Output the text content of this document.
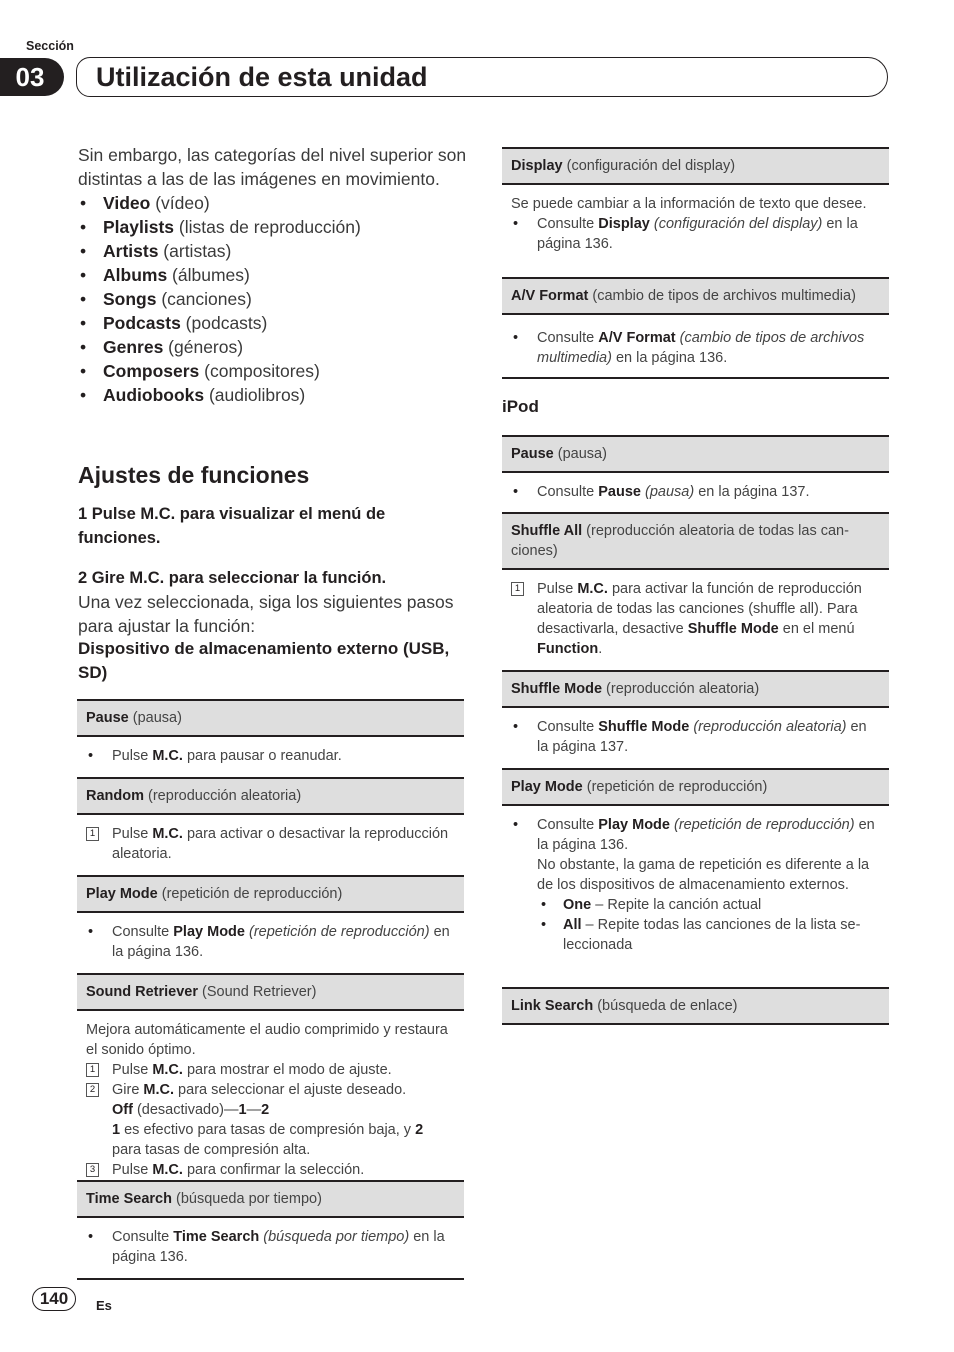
Sección
03	Utilización de esta unidad

Sin embargo, las categorías del nivel superior son distintas a las de las imágenes en movimiento.

• Video (vídeo)
• Playlists (listas de reproducción)
• Artists (artistas)
• Albums (álbumes)
• Songs (canciones)
• Podcasts (podcasts)
• Genres (géneros)
• Composers (compositores)
• Audiobooks (audiolibros)
Ajustes de funciones
1 Pulse M.C. para visualizar el menú de funciones.
2 Gire M.C. para seleccionar la función.
Una vez seleccionada, siga los siguientes pasos para ajustar la función:
Dispositivo de almacenamiento externo (USB, SD)
Pause (pausa)
• Pulse M.C. para pausar o reanudar.
Random (reproducción aleatoria)
1 Pulse M.C. para activar o desactivar la reproducción aleatoria.
Play Mode (repetición de reproducción)
• Consulte Play Mode (repetición de reproducción) en la página 136.
Sound Retriever (Sound Retriever)
Mejora automáticamente el audio comprimido y restaura el sonido óptimo.
1 Pulse M.C. para mostrar el modo de ajuste.
2 Gire M.C. para seleccionar el ajuste deseado.
Off (desactivado)—1—2
1 es efectivo para tasas de compresión baja, y 2 para tasas de compresión alta.
3 Pulse M.C. para confirmar la selección.
Time Search (búsqueda por tiempo)
• Consulte Time Search (búsqueda por tiempo) en la página 136.
Display (configuración del display)
Se puede cambiar a la información de texto que desee.
• Consulte Display (configuración del display) en la página 136.
A/V Format (cambio de tipos de archivos multimedia)
• Consulte A/V Format (cambio de tipos de archivos multimedia) en la página 136.
iPod
Pause (pausa)
• Consulte Pause (pausa) en la página 137.
Shuffle All (reproducción aleatoria de todas las canciones)
1 Pulse M.C. para activar la función de reproducción aleatoria de todas las canciones (shuffle all). Para desactivarla, desactive Shuffle Mode en el menú Function.
Shuffle Mode (reproducción aleatoria)
• Consulte Shuffle Mode (reproducción aleatoria) en la página 137.
Play Mode (repetición de reproducción)
• Consulte Play Mode (repetición de reproducción) en la página 136.
No obstante, la gama de repetición es diferente a la de los dispositivos de almacenamiento externos.
• One – Repite la canción actual
• All – Repite todas las canciones de la lista seleccionada
Link Search (búsqueda de enlace)
140	Es
